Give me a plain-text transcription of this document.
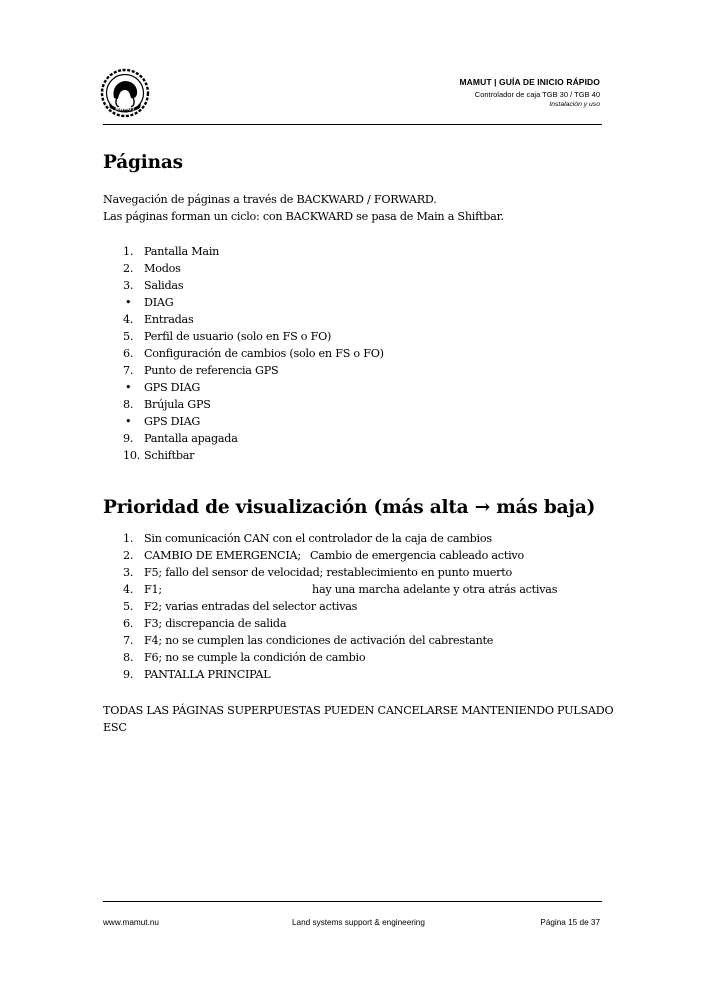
MAMUT
MAMUT | GUÍA DE INICIO RÁPIDO
Controlador de caja TGB 30 / TGB 40
Instalación y uso
Páginas
Navegación de páginas a través de BACKWARD / FORWARD.
Las páginas forman un ciclo: con BACKWARD se pasa de Main a Shiftbar.
1. Pantalla Main
2. Modos
3. Salidas
• DIAG
4. Entradas
5. Perfil de usuario (solo en FS o FO)
6. Configuración de cambios (solo en FS o FO)
7. Punto de referencia GPS
• GPS DIAG
8. Brújula GPS
• GPS DIAG
9. Pantalla apagada
10. Schiftbar
Prioridad de visualización (más alta → más baja)
1. Sin comunicación CAN con el controlador de la caja de cambios
2. CAMBIO DE EMERGENCIA; Cambio de emergencia cableado activo
3. F5; fallo del sensor de velocidad; restablecimiento en punto muerto
4. F1;	hay una marcha adelante y otra atrás activas
5. F2; varias entradas del selector activas
6. F3; discrepancia de salida
7. F4; no se cumplen las condiciones de activación del cabrestante
8. F6; no se cumple la condición de cambio
9. PANTALLA PRINCIPAL
TODAS LAS PÁGINAS SUPERPUESTAS PUEDEN CANCELARSE MANTENIENDO PULSADO
ESC
www.mamut.nu	Land systems support & engineering	Página 15 de 37
